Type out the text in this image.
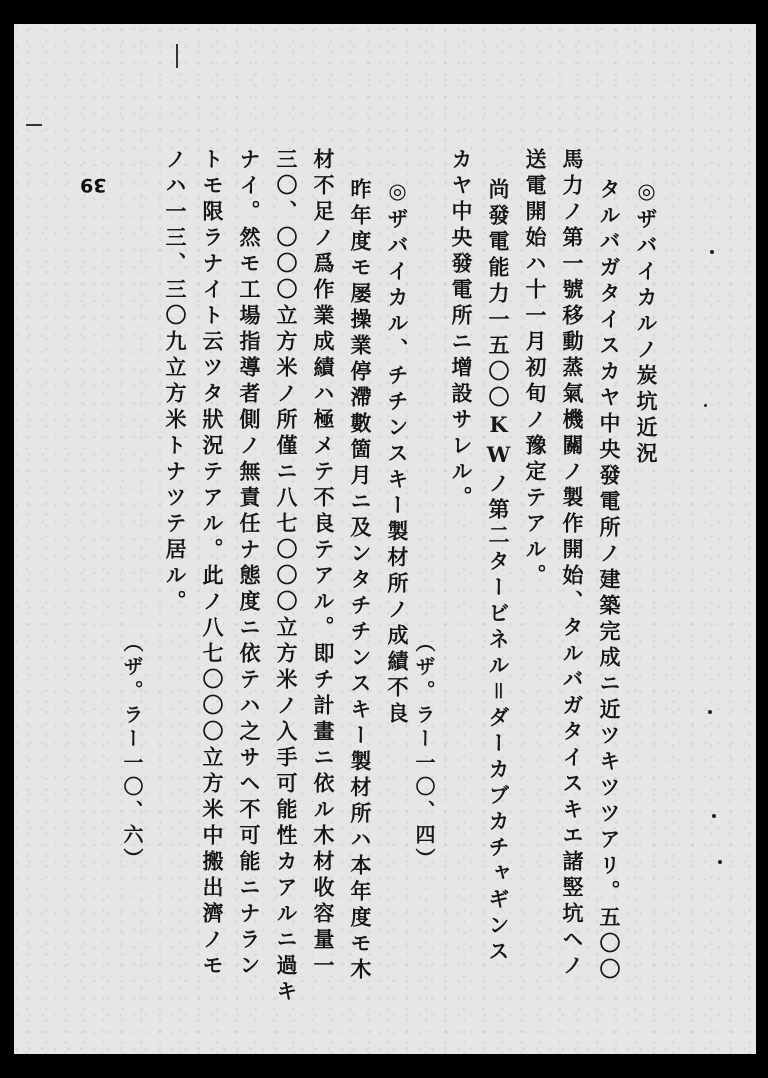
39	◎ザバイカルノ炭坑近況
タルバガタイスカヤ中央發電所ノ建築完成ニ近ツキツツアリ。五〇〇
馬力ノ第一號移動蒸氣機關ノ製作開始、タルバガタイスキエ諸竪坑ヘノ
送電開始ハ十一月初旬ノ豫定テアル。
尚發電能力一五〇〇KWノ第二タービネル＝ダーカブカチャギンス
カヤ中央發電所ニ增設サレル。
（ザ。ラー一〇、六）
◎ザバイカル、チチンスキー製材所ノ成績不良
（ザ。ラー一〇、四）
昨年度モ屡操業停滯數箇月ニ及ンタチチンスキー製材所ハ本年度モ木
材不足ノ爲作業成績ハ極メテ不良テアル。即チ計畫ニ依ル木材收容量一
三〇、〇〇〇立方米ノ所僅ニ八七〇〇〇立方米ノ入手可能性カアルニ過キ
ナイ。然モ工場指導者側ノ無責任ナ態度ニ依テハ之サヘ不可能ニナラン
トモ限ラナイト云ツタ狀況テアル。此ノ八七〇〇〇立方米中搬出濟ノモ
ノハ一三、三〇九立方米トナツテ居ル。
